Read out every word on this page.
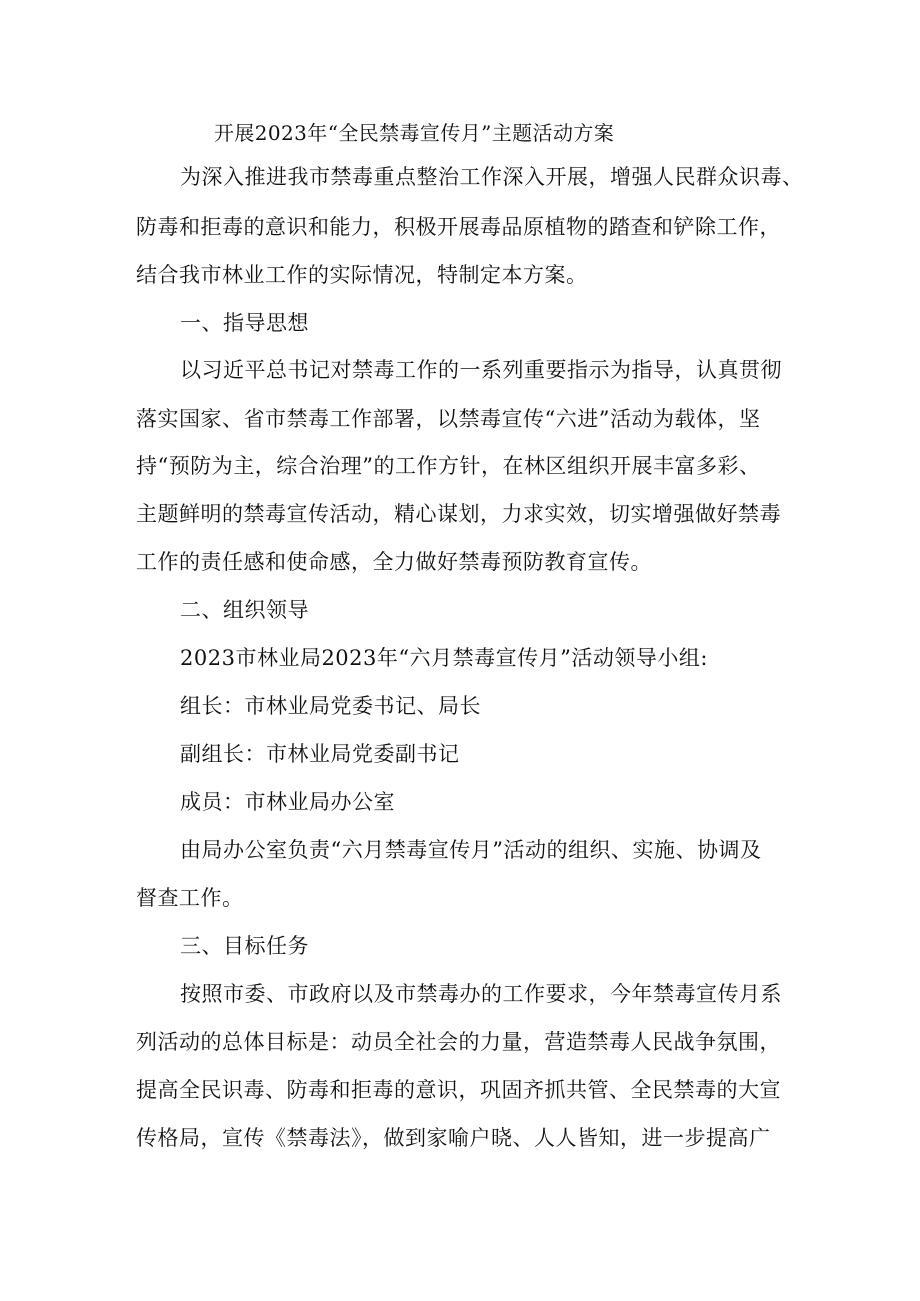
开展2023年“全民禁毒宣传月”主题活动方案
为深入推进我市禁毒重点整治工作深入开展，增强人民群众识毒、
防毒和拒毒的意识和能力，积极开展毒品原植物的踏查和铲除工作，
结合我市林业工作的实际情况，特制定本方案。
一、指导思想
以习近平总书记对禁毒工作的一系列重要指示为指导，认真贯彻
落实国家、省市禁毒工作部署，以禁毒宣传“六进”活动为载体，坚
持“预防为主，综合治理”的工作方针，在林区组织开展丰富多彩、
主题鲜明的禁毒宣传活动，精心谋划，力求实效，切实增强做好禁毒
工作的责任感和使命感，全力做好禁毒预防教育宣传。
二、组织领导
2023市林业局2023年“六月禁毒宣传月”活动领导小组:
组长：市林业局党委书记、局长
副组长：市林业局党委副书记
成员：市林业局办公室
由局办公室负责“六月禁毒宣传月”活动的组织、实施、协调及
督查工作。
三、目标任务
按照市委、市政府以及市禁毒办的工作要求，今年禁毒宣传月系
列活动的总体目标是：动员全社会的力量，营造禁毒人民战争氛围，
提高全民识毒、防毒和拒毒的意识，巩固齐抓共管、全民禁毒的大宣
传格局，宣传《禁毒法》，做到家喻户晓、人人皆知，进一步提高广
